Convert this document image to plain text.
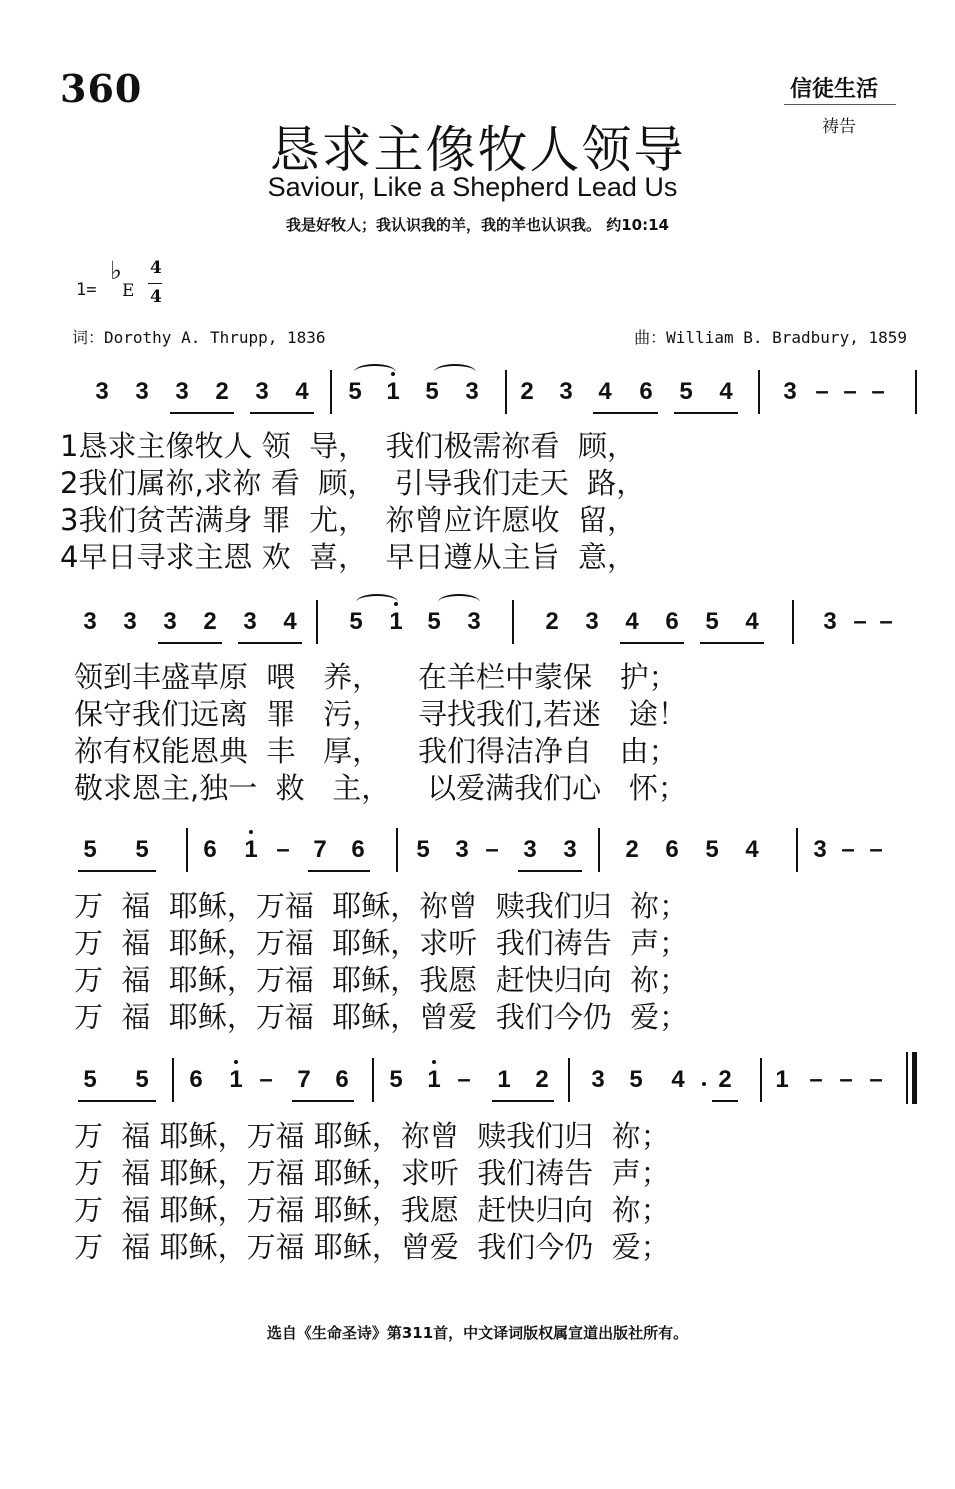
360	信徒生活
祷告
恳求主像牧人领导
Saviour, Like a Shepherd Lead Us
我是好牧人；我认识我的羊，我的羊也认识我。 约10:14
1=
♭
E
4
4
词：Dorothy A. Thrupp, 1836	曲：William B. Bradbury, 1859
3 3 3 2 3 4 5 1 5 3 2 3 4 6 5 4 3 – – –
1恳求主像牧人 领  导，  我们极需祢看  顾，
2我们属祢,求祢 看  顾，  引导我们走天  路，
3我们贫苦满身 罪  尤，  祢曾应许愿收  留，
4早日寻求主恩 欢  喜，  早日遵从主旨  意，
3 3 3 2 3 4 5 1 5 3	2 3 4 6 5 4	3 – –
领到丰盛草原  喂   养，    在羊栏中蒙保   护；
保守我们远离  罪   污，    寻找我们,若迷   途！
祢有权能恩典  丰   厚，    我们得洁净自   由；
敬求恩主,独一  救   主，    以爱满我们心   怀；
5 5 6 1 – 7 6 5 3 – 3 3 2 6 5 4 3 – –
万  福  耶稣，万福  耶稣，祢曾  赎我们归  祢；
万  福  耶稣，万福  耶稣，求听  我们祷告  声；
万  福  耶稣，万福  耶稣，我愿  赶快归向  祢；
万  福  耶稣，万福  耶稣，曾爱  我们今仍  爱；
5 5 6 1 – 7 6 5 1 – 1 2 3 5 4 2 1 – – –
万  福 耶稣，万福 耶稣，祢曾  赎我们归  祢；
万  福 耶稣，万福 耶稣，求听  我们祷告  声；
万  福 耶稣，万福 耶稣，我愿  赶快归向  祢；
万  福 耶稣，万福 耶稣，曾爱  我们今仍  爱；
选自《生命圣诗》第311首，中文译词版权属宣道出版社所有。
